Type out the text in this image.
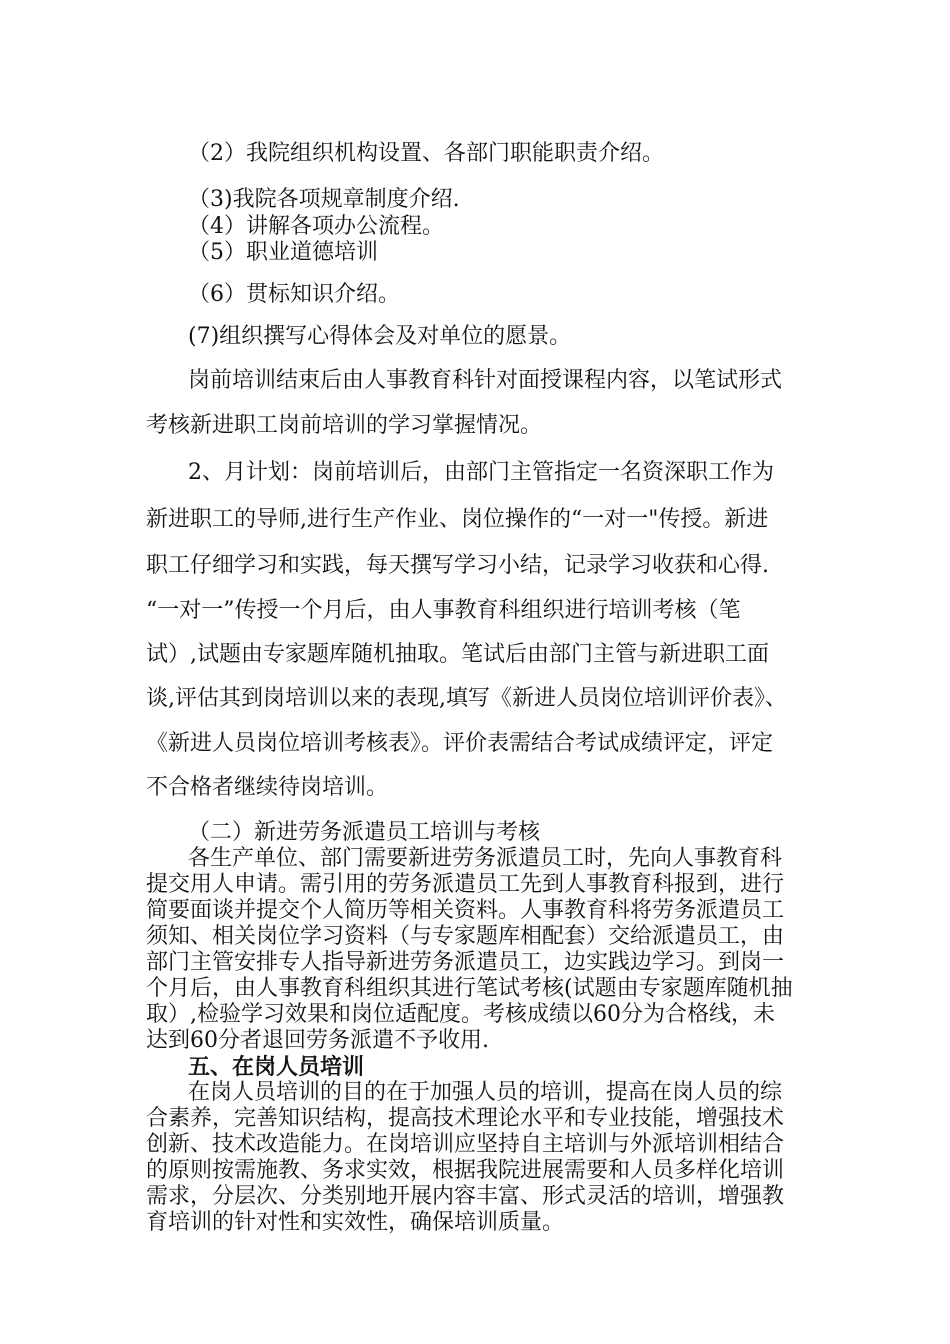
（2）我院组织机构设置、各部门职能职责介绍。
（3)我院各项规章制度介绍.
（4）讲解各项办公流程。
（5）职业道德培训
（6）贯标知识介绍。
(7)组织撰写心得体会及对单位的愿景。
岗前培训结束后由人事教育科针对面授课程内容，以笔试形式
考核新进职工岗前培训的学习掌握情况。
2、月计划：岗前培训后，由部门主管指定一名资深职工作为
新进职工的导师,进行生产作业、岗位操作的“一对一"传授。新进
职工仔细学习和实践，每天撰写学习小结，记录学习收获和心得.
“一对一”传授一个月后，由人事教育科组织进行培训考核（笔
试）,试题由专家题库随机抽取。笔试后由部门主管与新进职工面
谈,评估其到岗培训以来的表现,填写《新进人员岗位培训评价表》、
《新进人员岗位培训考核表》。评价表需结合考试成绩评定，评定
不合格者继续待岗培训。
（二）新进劳务派遣员工培训与考核
各生产单位、部门需要新进劳务派遣员工时，先向人事教育科
提交用人申请。需引用的劳务派遣员工先到人事教育科报到，进行
简要面谈并提交个人简历等相关资料。人事教育科将劳务派遣员工
须知、相关岗位学习资料（与专家题库相配套）交给派遣员工，由
部门主管安排专人指导新进劳务派遣员工，边实践边学习。到岗一
个月后，由人事教育科组织其进行笔试考核(试题由专家题库随机抽
取）,检验学习效果和岗位适配度。考核成绩以60分为合格线，未
达到60分者退回劳务派遣不予收用.
五、在岗人员培训
在岗人员培训的目的在于加强人员的培训，提高在岗人员的综
合素养，完善知识结构，提高技术理论水平和专业技能，增强技术
创新、技术改造能力。在岗培训应坚持自主培训与外派培训相结合
的原则按需施教、务求实效，根据我院进展需要和人员多样化培训
需求，分层次、分类别地开展内容丰富、形式灵活的培训，增强教
育培训的针对性和实效性，确保培训质量。
